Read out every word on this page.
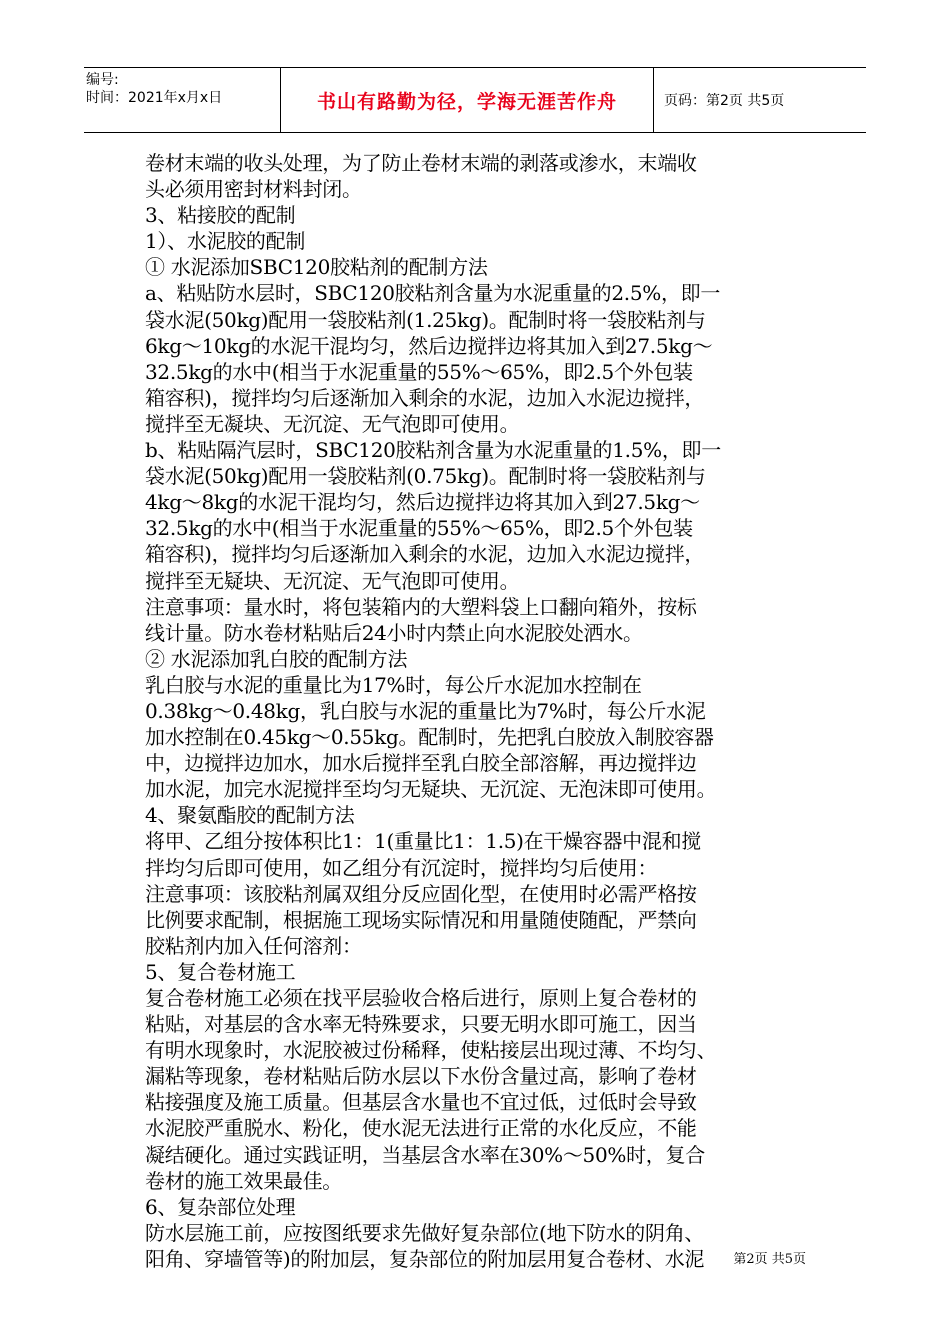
编号:
时间：2021年x月x日	书山有路勤为径，学海无涯苦作舟	页码：第2页 共5页
卷材末端的收头处理，为了防止卷材末端的剥落或渗水，末端收
头必须用密封材料封闭。
3、粘接胶的配制
1）、水泥胶的配制
① 水泥添加SBC120胶粘剂的配制方法
a、粘贴防水层时，SBC120胶粘剂含量为水泥重量的2.5%，即一
袋水泥(50kg)配用一袋胶粘剂(1.25kg)。配制时将一袋胶粘剂与
6kg～10kg的水泥干混均匀，然后边搅拌边将其加入到27.5kg～
32.5kg的水中(相当于水泥重量的55%～65%，即2.5个外包装
箱容积)，搅拌均匀后逐渐加入剩余的水泥，边加入水泥边搅拌，
搅拌至无凝块、无沉淀、无气泡即可使用。
b、粘贴隔汽层时，SBC120胶粘剂含量为水泥重量的1.5%，即一
袋水泥(50kg)配用一袋胶粘剂(0.75kg)。配制时将一袋胶粘剂与
4kg～8kg的水泥干混均匀，然后边搅拌边将其加入到27.5kg～
32.5kg的水中(相当于水泥重量的55%～65%，即2.5个外包装
箱容积)，搅拌均匀后逐渐加入剩余的水泥，边加入水泥边搅拌，
搅拌至无疑块、无沉淀、无气泡即可使用。
注意事项：量水时，将包装箱内的大塑料袋上口翻向箱外，按标
线计量。防水卷材粘贴后24小时内禁止向水泥胶处洒水。
② 水泥添加乳白胶的配制方法
乳白胶与水泥的重量比为17%时，每公斤水泥加水控制在
0.38kg～0.48kg，乳白胶与水泥的重量比为7%时，每公斤水泥
加水控制在0.45kg～0.55kg。配制时，先把乳白胶放入制胶容器
中，边搅拌边加水，加水后搅拌至乳白胶全部溶解，再边搅拌边
加水泥，加完水泥搅拌至均匀无疑块、无沉淀、无泡沫即可使用。
4、聚氨酯胶的配制方法
将甲、乙组分按体积比1：1(重量比1：1.5)在干燥容器中混和搅
拌均匀后即可使用，如乙组分有沉淀时，搅拌均匀后使用：
注意事项：该胶粘剂属双组分反应固化型，在使用时必需严格按
比例要求配制，根据施工现场实际情况和用量随使随配，严禁向
胶粘剂内加入任何溶剂：
5、复合卷材施工
复合卷材施工必须在找平层验收合格后进行，原则上复合卷材的
粘贴，对基层的含水率无特殊要求，只要无明水即可施工，因当
有明水现象时，水泥胶被过份稀释，使粘接层出现过薄、不均匀、
漏粘等现象，卷材粘贴后防水层以下水份含量过高，影响了卷材
粘接强度及施工质量。但基层含水量也不宜过低，过低时会导致
水泥胶严重脱水、粉化，使水泥无法进行正常的水化反应，不能
凝结硬化。通过实践证明，当基层含水率在30%～50%时，复合
卷材的施工效果最佳。
6、复杂部位处理
防水层施工前，应按图纸要求先做好复杂部位(地下防水的阴角、
阳角、穿墙管等)的附加层，复杂部位的附加层用复合卷材、水泥	第2页 共5页
